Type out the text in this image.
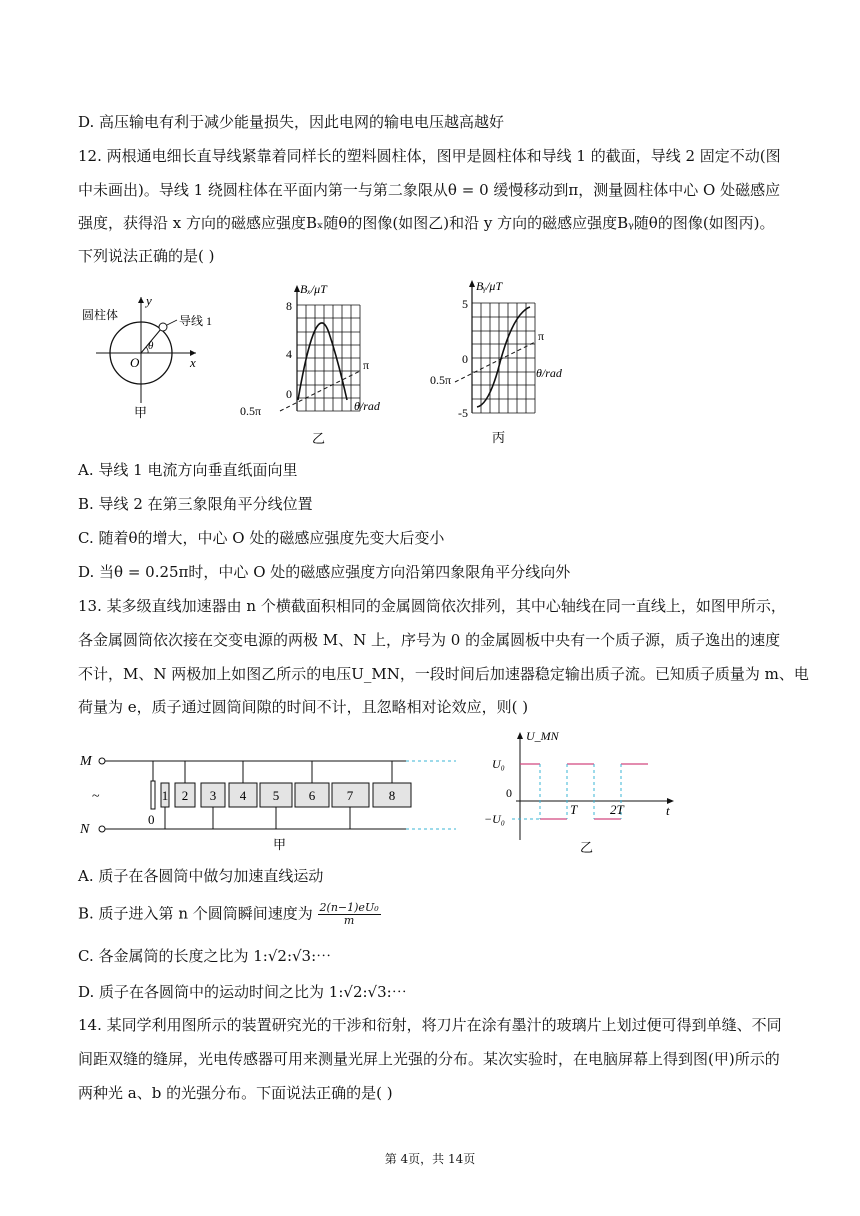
D. 高压输电有利于减少能量损失，因此电网的输电电压越高越好
12. 两根通电细长直导线紧靠着同样长的塑料圆柱体，图甲是圆柱体和导线 1 的截面，导线 2 固定不动(图
中未画出)。导线 1 绕圆柱体在平面内第一与第二象限从θ = 0 缓慢移动到π，测量圆柱体中心 O 处磁感应
强度，获得沿 x 方向的磁感应强度Bₓ随θ的图像(如图乙)和沿 y 方向的磁感应强度Bᵧ随θ的图像(如图丙)。
下列说法正确的是( )
圆柱体	导线 1
y
x
O
θ
甲
Bₓ/μT
8
4
0
π
0.5π	θ/rad
乙
Bᵧ/μT
5
0
-5
π
0.5π	θ/rad
丙
A. 导线 1 电流方向垂直纸面向里
B. 导线 2 在第三象限角平分线位置
C. 随着θ的增大，中心 O 处的磁感应强度先变大后变小
D. 当θ = 0.25π时，中心 O 处的磁感应强度方向沿第四象限角平分线向外
13. 某多级直线加速器由 n 个横截面积相同的金属圆筒依次排列，其中心轴线在同一直线上，如图甲所示，
各金属圆筒依次接在交变电源的两极 M、N 上，序号为 0 的金属圆板中央有一个质子源，质子逸出的速度
不计，M、N 两极加上如图乙所示的电压U_MN，一段时间后加速器稳定输出质子流。已知质子质量为 m、电
荷量为 e，质子通过圆筒间隙的时间不计，且忽略相对论效应，则( )
M
N
~
0
1 2 3 4 5 6 7	8
甲
U_MN
U₀
0
−U₀
T	2T	t
乙
A. 质子在各圆筒中做匀加速直线运动
B. 质子进入第 n 个圆筒瞬间速度为 $\frac{\text{2(n−1)eU₀}}{m}$
C. 各金属筒的长度之比为 1:√2:√3:⋯
D. 质子在各圆筒中的运动时间之比为 1:√2:√3:⋯
14. 某同学利用图所示的装置研究光的干涉和衍射，将刀片在涂有墨汁的玻璃片上划过便可得到单缝、不同
间距双缝的缝屏，光电传感器可用来测量光屏上光强的分布。某次实验时，在电脑屏幕上得到图(甲)所示的
两种光 a、b 的光强分布。下面说法正确的是( )
第 4页，共 14页
